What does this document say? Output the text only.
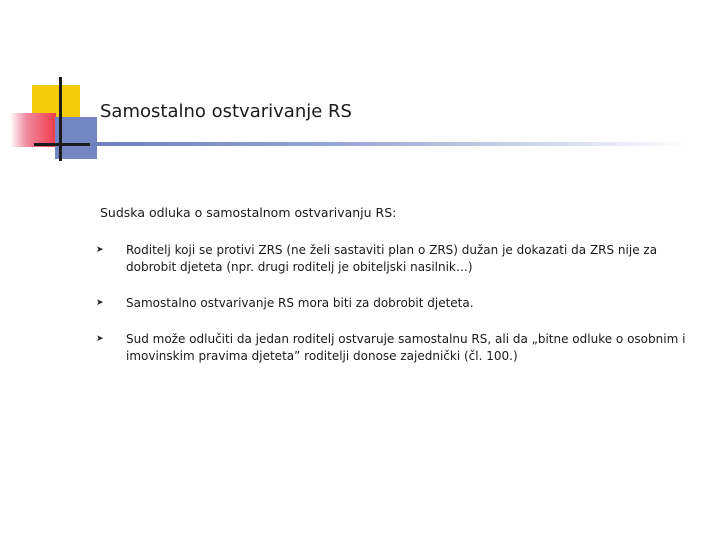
Samostalno ostvarivanje RS
Sudska odluka o samostalnom ostvarivanju RS:
➤ Roditelj koji se protivi ZRS (ne želi sastaviti plan o ZRS) dužan je dokazati da ZRS nije za dobrobit djeteta (npr. drugi roditelj je obiteljski nasilnik…)
➤ Samostalno ostvarivanje RS mora biti za dobrobit djeteta.
➤ Sud može odlučiti da jedan roditelj ostvaruje samostalnu RS, ali da „bitne odluke o osobnim i imovinskim pravima djeteta” roditelji donose zajednički (čl. 100.)
